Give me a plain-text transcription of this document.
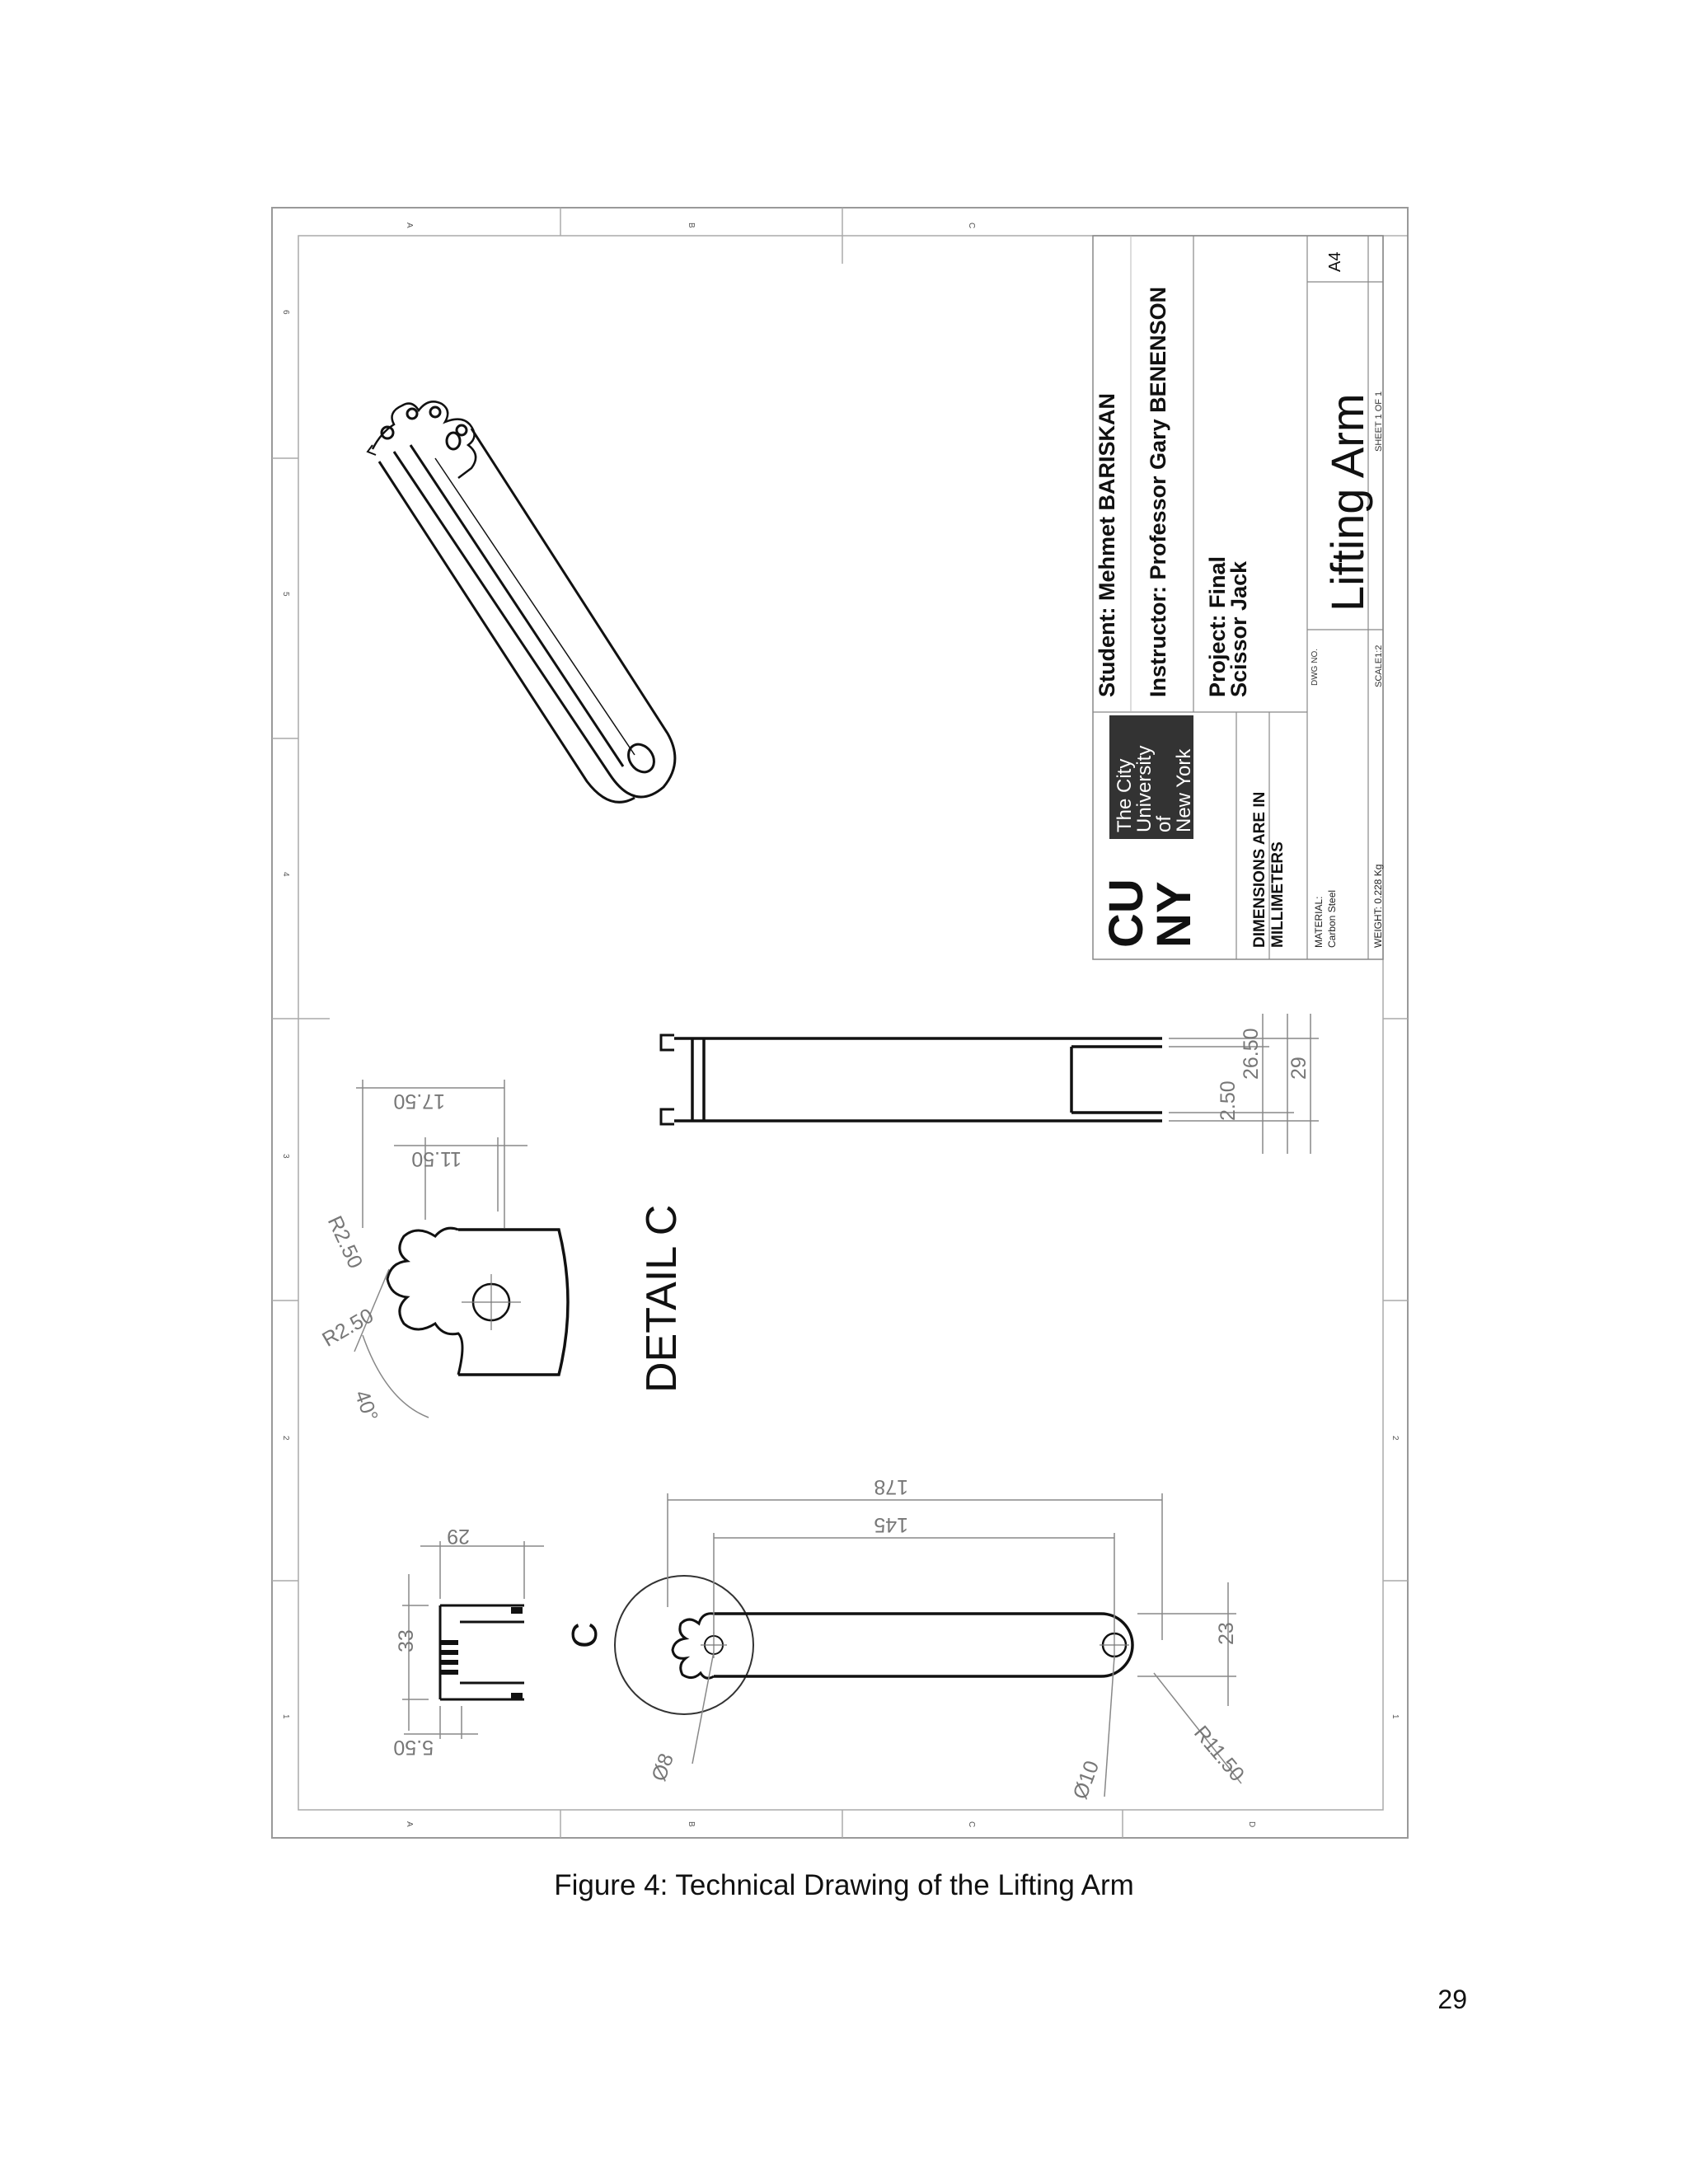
A	B	C
A	B	C	D
6
5
4
3
2
1
2
1
Student: Mehmet BARISKAN Instructor: Professor Gary BENENSON Project: Final
Scissor Jack
Lifting Arm
A4
DWG NO.	SCALE1:2
SHEET 1 OF 1
DIMENSIONS ARE IN MILLIMETERS	MATERIAL: Carbon Steel	WEIGHT: 0.228 Kg
CU
NY
The City
University
of
New York
33
29
5.50
C
178
145
23
Ø8	Ø10	R11.50
DETAIL C
17.50
11.50
R2.50
R2.50
40°
2.50
26.50 29
Figure 4: Technical Drawing of the Lifting Arm
29
